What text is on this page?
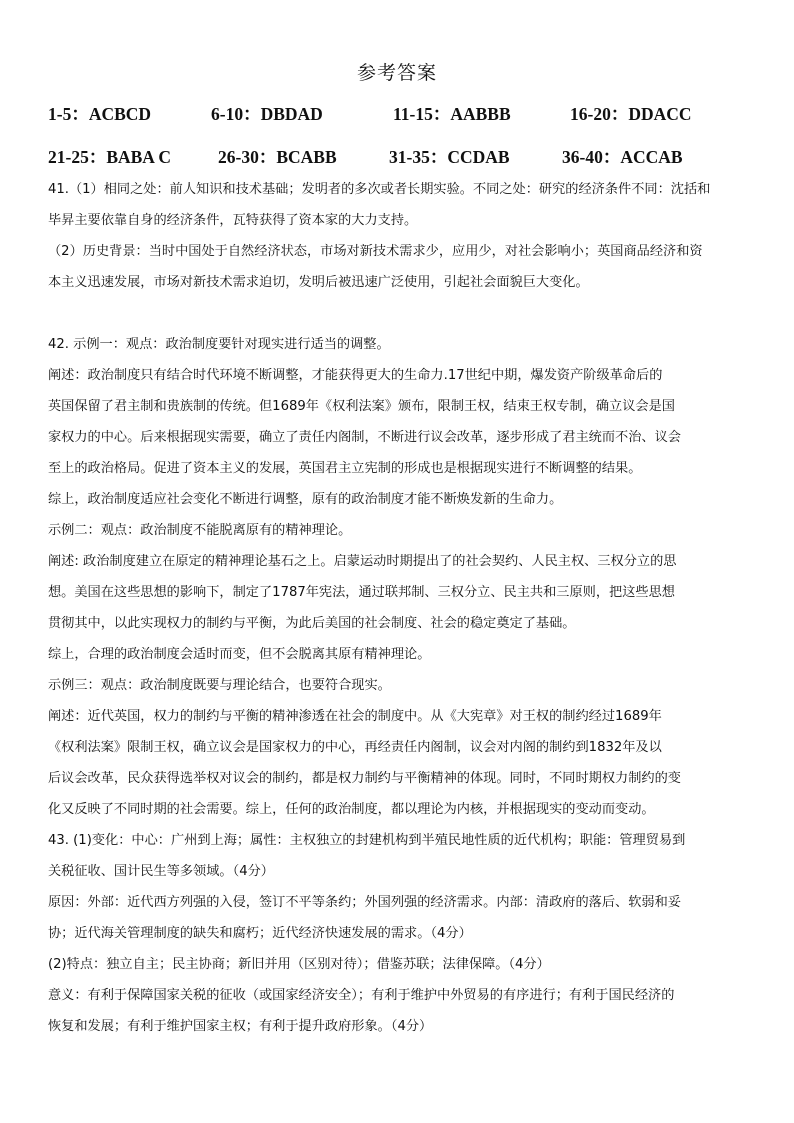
参考答案
1-5：ACBCD	6-10：DBDAD	11-15：AABBB	16-20：DDACC
21-25：BABA C	26-30：BCABB	31-35：CCDAB	36-40：ACCAB
41.（1）相同之处：前人知识和技术基础；发明者的多次或者长期实验。不同之处：研究的经济条件不同：沈括和
毕昇主要依靠自身的经济条件，瓦特获得了资本家的大力支持。
（2）历史背景：当时中国处于自然经济状态，市场对新技术需求少，应用少，对社会影响小；英国商品经济和资
本主义迅速发展，市场对新技术需求迫切，发明后被迅速广泛使用，引起社会面貌巨大变化。
42. 示例一：观点：政治制度要针对现实进行适当的调整。
阐述：政治制度只有结合时代环境不断调整，才能获得更大的生命力.17世纪中期，爆发资产阶级革命后的
英国保留了君主制和贵族制的传统。但1689年《权利法案》颁布，限制王权，结束王权专制，确立议会是国
家权力的中心。后来根据现实需要，确立了责任内阁制，不断进行议会改革，逐步形成了君主统而不治、议会
至上的政治格局。促进了资本主义的发展，英国君主立宪制的形成也是根据现实进行不断调整的结果。
综上，政治制度适应社会变化不断进行调整，原有的政治制度才能不断焕发新的生命力。
示例二：观点：政治制度不能脱离原有的精神理论。
阐述: 政治制度建立在原定的精神理论基石之上。启蒙运动时期提出了的社会契约、人民主权、三权分立的思
想。美国在这些思想的影响下，制定了1787年宪法，通过联邦制、三权分立、民主共和三原则，把这些思想
贯彻其中，以此实现权力的制约与平衡，为此后美国的社会制度、社会的稳定奠定了基础。
综上，合理的政治制度会适时而变，但不会脱离其原有精神理论。
示例三：观点：政治制度既要与理论结合，也要符合现实。
阐述：近代英国，权力的制约与平衡的精神渗透在社会的制度中。从《大宪章》对王权的制约经过1689年
《权利法案》限制王权，确立议会是国家权力的中心，再经责任内阁制，议会对内阁的制约到1832年及以
后议会改革，民众获得选举权对议会的制约，都是权力制约与平衡精神的体现。同时，不同时期权力制约的变
化又反映了不同时期的社会需要。综上，任何的政治制度，都以理论为内核，并根据现实的变动而变动。
43. (1)变化：中心：广州到上海；属性：主权独立的封建机构到半殖民地性质的近代机构；职能：管理贸易到
关税征收、国计民生等多领域。（4分）
原因：外部：近代西方列强的入侵，签订不平等条约；外国列强的经济需求。内部：清政府的落后、软弱和妥
协；近代海关管理制度的缺失和腐朽；近代经济快速发展的需求。（4分）
(2)特点：独立自主；民主协商；新旧并用（区别对待）；借鉴苏联；法律保障。（4分）
意义：有利于保障国家关税的征收（或国家经济安全）；有利于维护中外贸易的有序进行；有利于国民经济的
恢复和发展；有利于维护国家主权；有利于提升政府形象。（4分）
